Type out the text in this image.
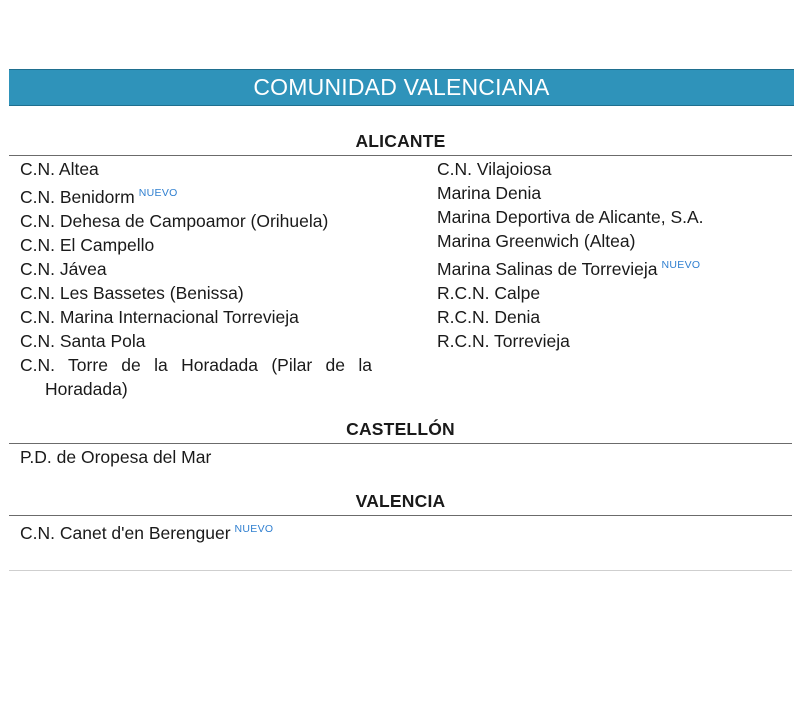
COMUNIDAD VALENCIANA
ALICANTE
C.N. Altea
C.N. Benidorm $^{NUEVO}$
C.N. Dehesa de Campoamor (Orihuela)
C.N. El Campello
C.N. Jávea
C.N. Les Bassetes (Benissa)
C.N. Marina Internacional Torrevieja
C.N. Santa Pola
C.N. Torre de la Horadada (Pilar de la Horadada)
C.N. Vilajoiosa
Marina Denia
Marina Deportiva de Alicante, S.A.
Marina Greenwich (Altea)
Marina Salinas de Torrevieja $^{NUEVO}$
R.C.N. Calpe
R.C.N. Denia
R.C.N. Torrevieja
CASTELLÓN
P.D. de Oropesa del Mar
VALENCIA
C.N. Canet d'en Berenguer $^{NUEVO}$
